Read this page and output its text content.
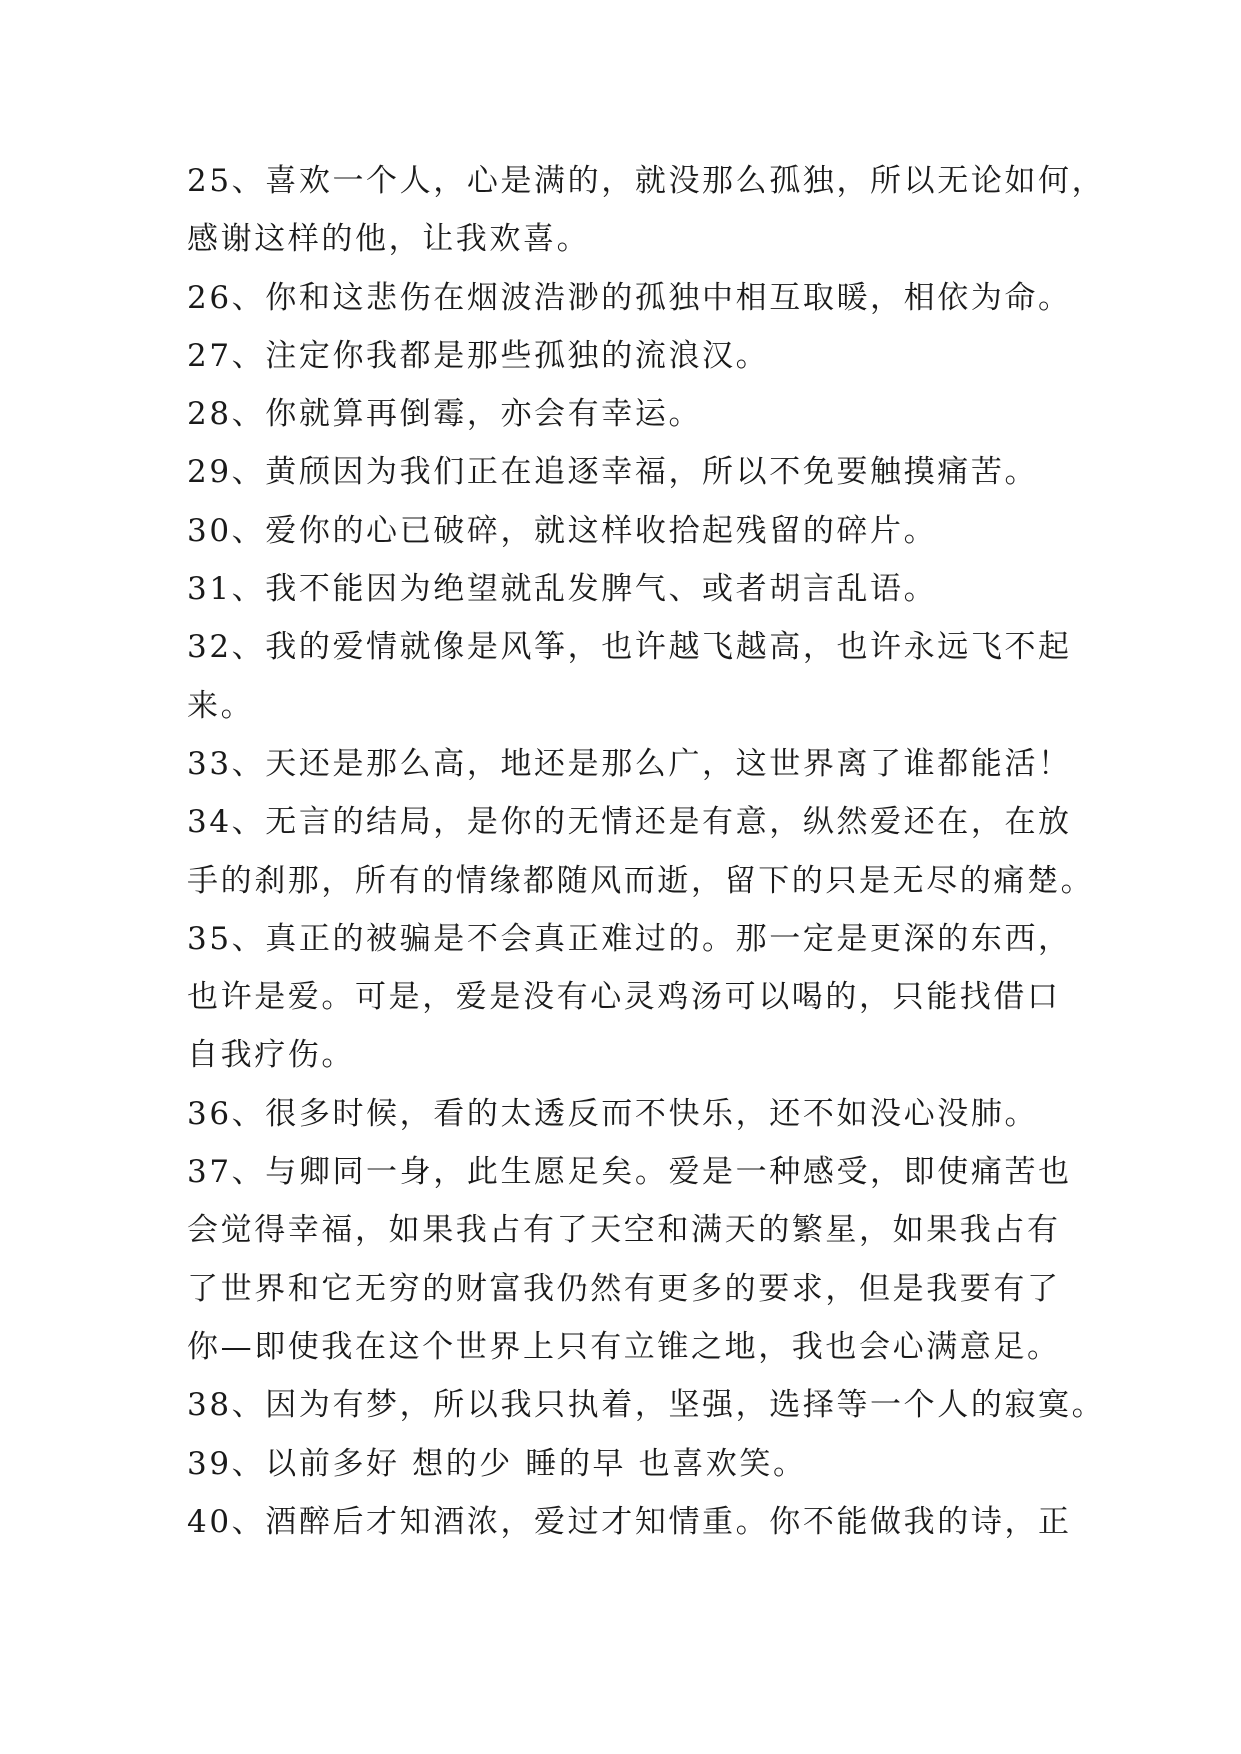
25、喜欢一个人，心是满的，就没那么孤独，所以无论如何，
感谢这样的他，让我欢喜。
26、你和这悲伤在烟波浩渺的孤独中相互取暖，相依为命。
27、注定你我都是那些孤独的流浪汉。
28、你就算再倒霉，亦会有幸运。
29、黄颀因为我们正在追逐幸福，所以不免要触摸痛苦。
30、爱你的心已破碎，就这样收拾起残留的碎片。
31、我不能因为绝望就乱发脾气、或者胡言乱语。
32、我的爱情就像是风筝，也许越飞越高，也许永远飞不起
来。
33、天还是那么高，地还是那么广，这世界离了谁都能活！
34、无言的结局，是你的无情还是有意，纵然爱还在，在放
手的刹那，所有的情缘都随风而逝，留下的只是无尽的痛楚。
35、真正的被骗是不会真正难过的。那一定是更深的东西，
也许是爱。可是，爱是没有心灵鸡汤可以喝的，只能找借口
自我疗伤。
36、很多时候，看的太透反而不快乐，还不如没心没肺。
37、与卿同一身，此生愿足矣。爱是一种感受，即使痛苦也
会觉得幸福，如果我占有了天空和满天的繁星，如果我占有
了世界和它无穷的财富我仍然有更多的要求，但是我要有了
你—即使我在这个世界上只有立锥之地，我也会心满意足。
38、因为有梦，所以我只执着，坚强，选择等一个人的寂寞。
39、以前多好 想的少 睡的早 也喜欢笑。
40、酒醉后才知酒浓，爱过才知情重。你不能做我的诗，正
